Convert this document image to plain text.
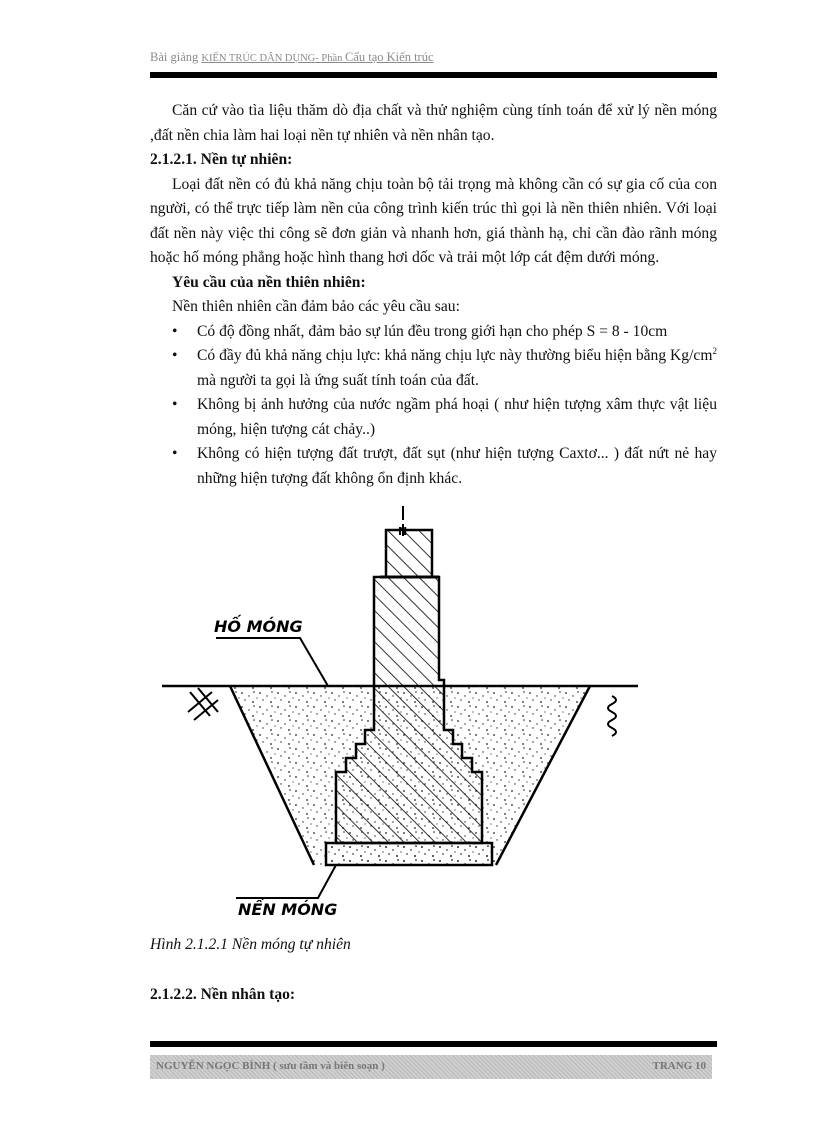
Bài giảng KIẾN TRÚC DÂN DỤNG- Phần Cấu tạo Kiến trúc

Căn cứ vào tìa liệu thăm dò địa chất và thử nghiệm cùng tính toán để xử lý nền móng ,đất nền chia làm hai loại nền tự nhiên và nền nhân tạo.

2.1.2.1. Nền tự nhiên:

Loại đất nền có đủ khả năng chịu toàn bộ tải trọng mà không cần có sự gia cố của con người, có thể trực tiếp làm nền của công trình kiến trúc thì gọi là nền thiên nhiên. Với loại đất nền này việc thi công sẽ đơn giản và nhanh hơn, giá thành hạ, chỉ cần đào rãnh móng hoặc hố móng phẳng hoặc hình thang hơi dốc và trải một lớp cát đệm dưới móng.

Yêu cầu của nền thiên nhiên:

Nền thiên nhiên cần đảm bảo các yêu cầu sau:

• Có độ đồng nhất, đảm bảo sự lún đều trong giới hạn cho phép S = 8 - 10cm
• Có đầy đủ khả năng chịu lực: khả năng chịu lực này thường biểu hiện bằng $Kg/cm^2$ mà người ta gọi là ứng suất tính toán của đất.
• Không bị ảnh hưởng của nước ngầm phá hoại ( như hiện tượng xâm thực vật liệu móng, hiện tượng cát chảy..)
• Không có hiện tượng đất trượt, đất sụt (như hiện tượng Caxtơ... ) đất nứt nẻ hay những hiện tượng đất không ổn định khác.
N
HỐ MÓNG
NỀN MÓNG
Hình 2.1.2.1 Nền móng tự nhiên
2.1.2.2. Nền nhân tạo:
NGUYỄN NGỌC BÌNH ( sưu tầm và biên soạn )	TRANG 10
